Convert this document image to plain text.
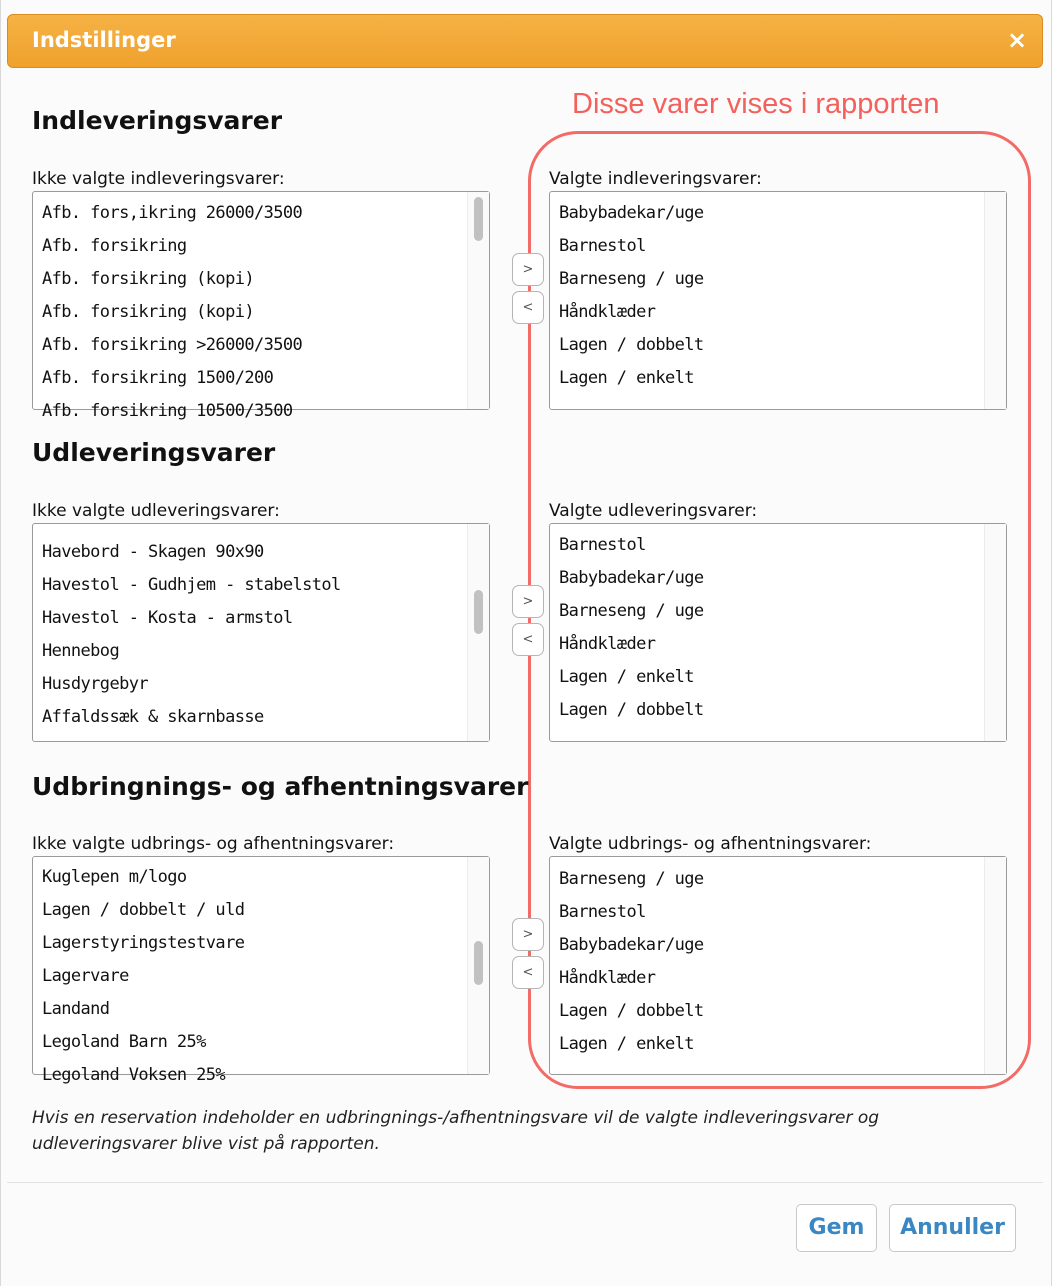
Indstillinger	×
Disse varer vises i rapporten
Indleveringsvarer
Ikke valgte indleveringsvarer:
Afb. fors,ikring 26000/3500
Afb. forsikring
Afb. forsikring (kopi)
Afb. forsikring (kopi)
Afb. forsikring >26000/3500
Afb. forsikring 1500/200
Afb. forsikring 10500/3500
>
<
Valgte indleveringsvarer:
Babybadekar/uge
Barnestol
Barneseng / uge
Håndklæder
Lagen / dobbelt
Lagen / enkelt
Udleveringsvarer
Ikke valgte udleveringsvarer:
Havebord - Skagen 90x90
Havestol - Gudhjem - stabelstol
Havestol - Kosta - armstol
Hennebog
Husdyrgebyr
Affaldssæk & skarnbasse
>
<
Valgte udleveringsvarer:
Barnestol
Babybadekar/uge
Barneseng / uge
Håndklæder
Lagen / enkelt
Lagen / dobbelt
Udbringnings- og afhentningsvarer
Ikke valgte udbrings- og afhentningsvarer:
Kuglepen m/logo
Lagen / dobbelt / uld
Lagerstyringstestvare
Lagervare
Landand
Legoland Barn 25%
Legoland Voksen 25%
>
<
Valgte udbrings- og afhentningsvarer:
Barneseng / uge
Barnestol
Babybadekar/uge
Håndklæder
Lagen / dobbelt
Lagen / enkelt
Hvis en reservation indeholder en udbringnings-/afhentningsvare vil de valgte indleveringsvarer og udleveringsvarer blive vist på rapporten.
Gem	Annuller
